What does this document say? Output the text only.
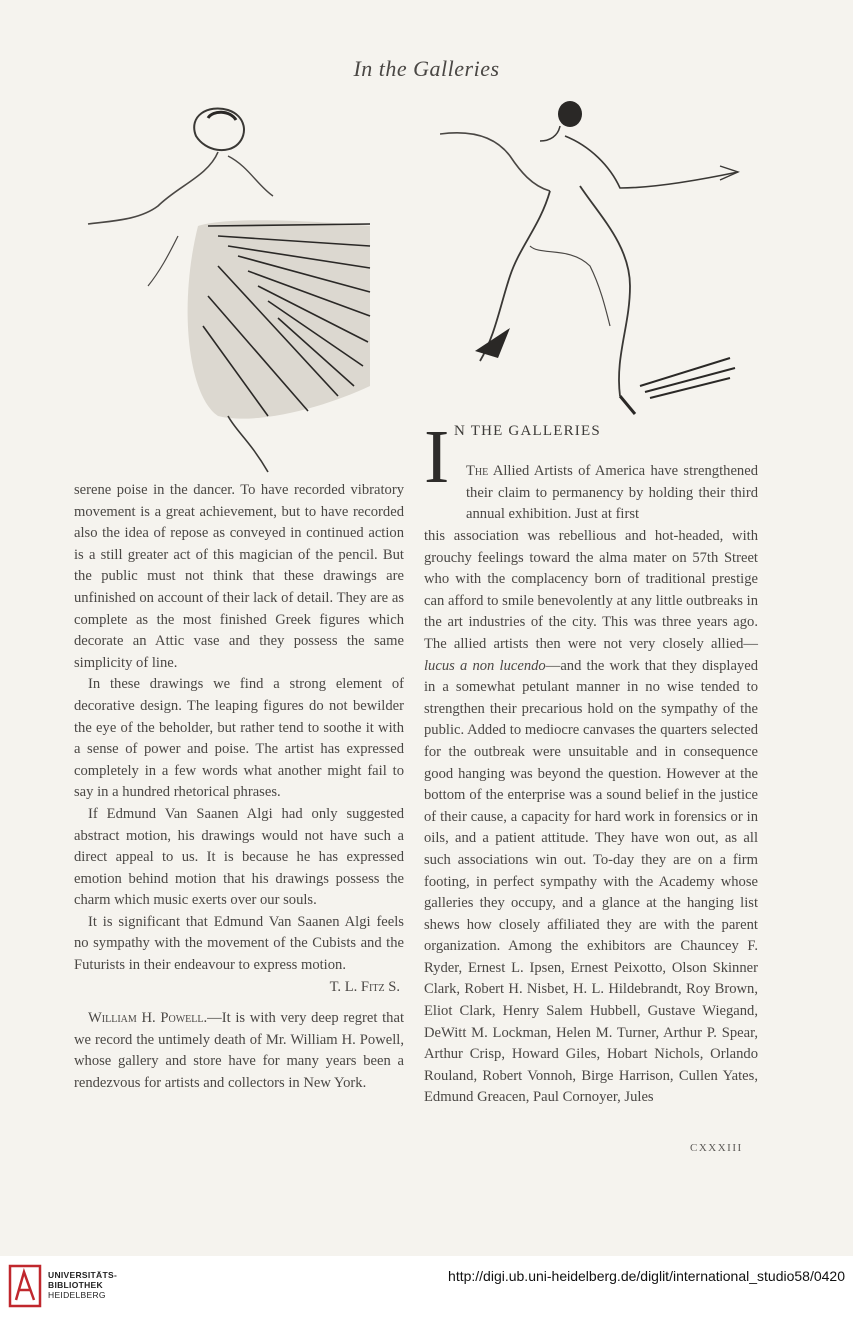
In the Galleries

serene poise in the dancer. To have recorded vibratory movement is a great achievement, but to have recorded also the idea of repose as conveyed in continued action is a still greater act of this magician of the pencil. But the public must not think that these drawings are unfinished on account of their lack of detail. They are as complete as the most finished Greek figures which decorate an Attic vase and they possess the same simplicity of line.

In these drawings we find a strong element of decorative design. The leaping figures do not bewilder the eye of the beholder, but rather tend to soothe it with a sense of power and poise. The artist has expressed completely in a few words what another might fail to say in a hundred rhetorical phrases.

If Edmund Van Saanen Algi had only suggested abstract motion, his drawings would not have such a direct appeal to us. It is because he has expressed emotion behind motion that his drawings possess the charm which music exerts over our souls.

It is significant that Edmund Van Saanen Algi feels no sympathy with the movement of the Cubists and the Futurists in their endeavour to express motion.

T. L. Fitz S.

William H. Powell.—It is with very deep regret that we record the untimely death of Mr. William H. Powell, whose gallery and store have for many years been a rendezvous for artists and collectors in New York.

I N THE GALLERIES
The Allied Artists of America have strengthened their claim to permanency by holding their third annual exhibition. Just at first

this association was rebellious and hot-headed, with grouchy feelings toward the alma mater on 57th Street who with the complacency born of traditional prestige can afford to smile benevolently at any little outbreaks in the art industries of the city. This was three years ago. The allied artists then were not very closely allied—lucus a non lucendo—and the work that they displayed in a somewhat petulant manner in no wise tended to strengthen their precarious hold on the sympathy of the public. Added to mediocre canvases the quarters selected for the outbreak were unsuitable and in consequence good hanging was beyond the question. However at the bottom of the enterprise was a sound belief in the justice of their cause, a capacity for hard work in forensics or in oils, and a patient attitude. They have won out, as all such associations win out. To-day they are on a firm footing, in perfect sympathy with the Academy whose galleries they occupy, and a glance at the hanging list shews how closely affiliated they are with the parent organization. Among the exhibitors are Chauncey F. Ryder, Ernest L. Ipsen, Ernest Peixotto, Olson Skinner Clark, Robert H. Nisbet, H. L. Hildebrandt, Roy Brown, Eliot Clark, Henry Salem Hubbell, Gustave Wiegand, DeWitt M. Lockman, Helen M. Turner, Arthur P. Spear, Arthur Crisp, Howard Giles, Hobart Nichols, Orlando Rouland, Robert Vonnoh, Birge Harrison, Cullen Yates, Edmund Greacen, Paul Cornoyer, Jules

CXXXIII
UNIVERSITÄTS-
BIBLIOTHEK
HEIDELBERG
http://digi.ub.uni-heidelberg.de/diglit/international_studio58/0420
